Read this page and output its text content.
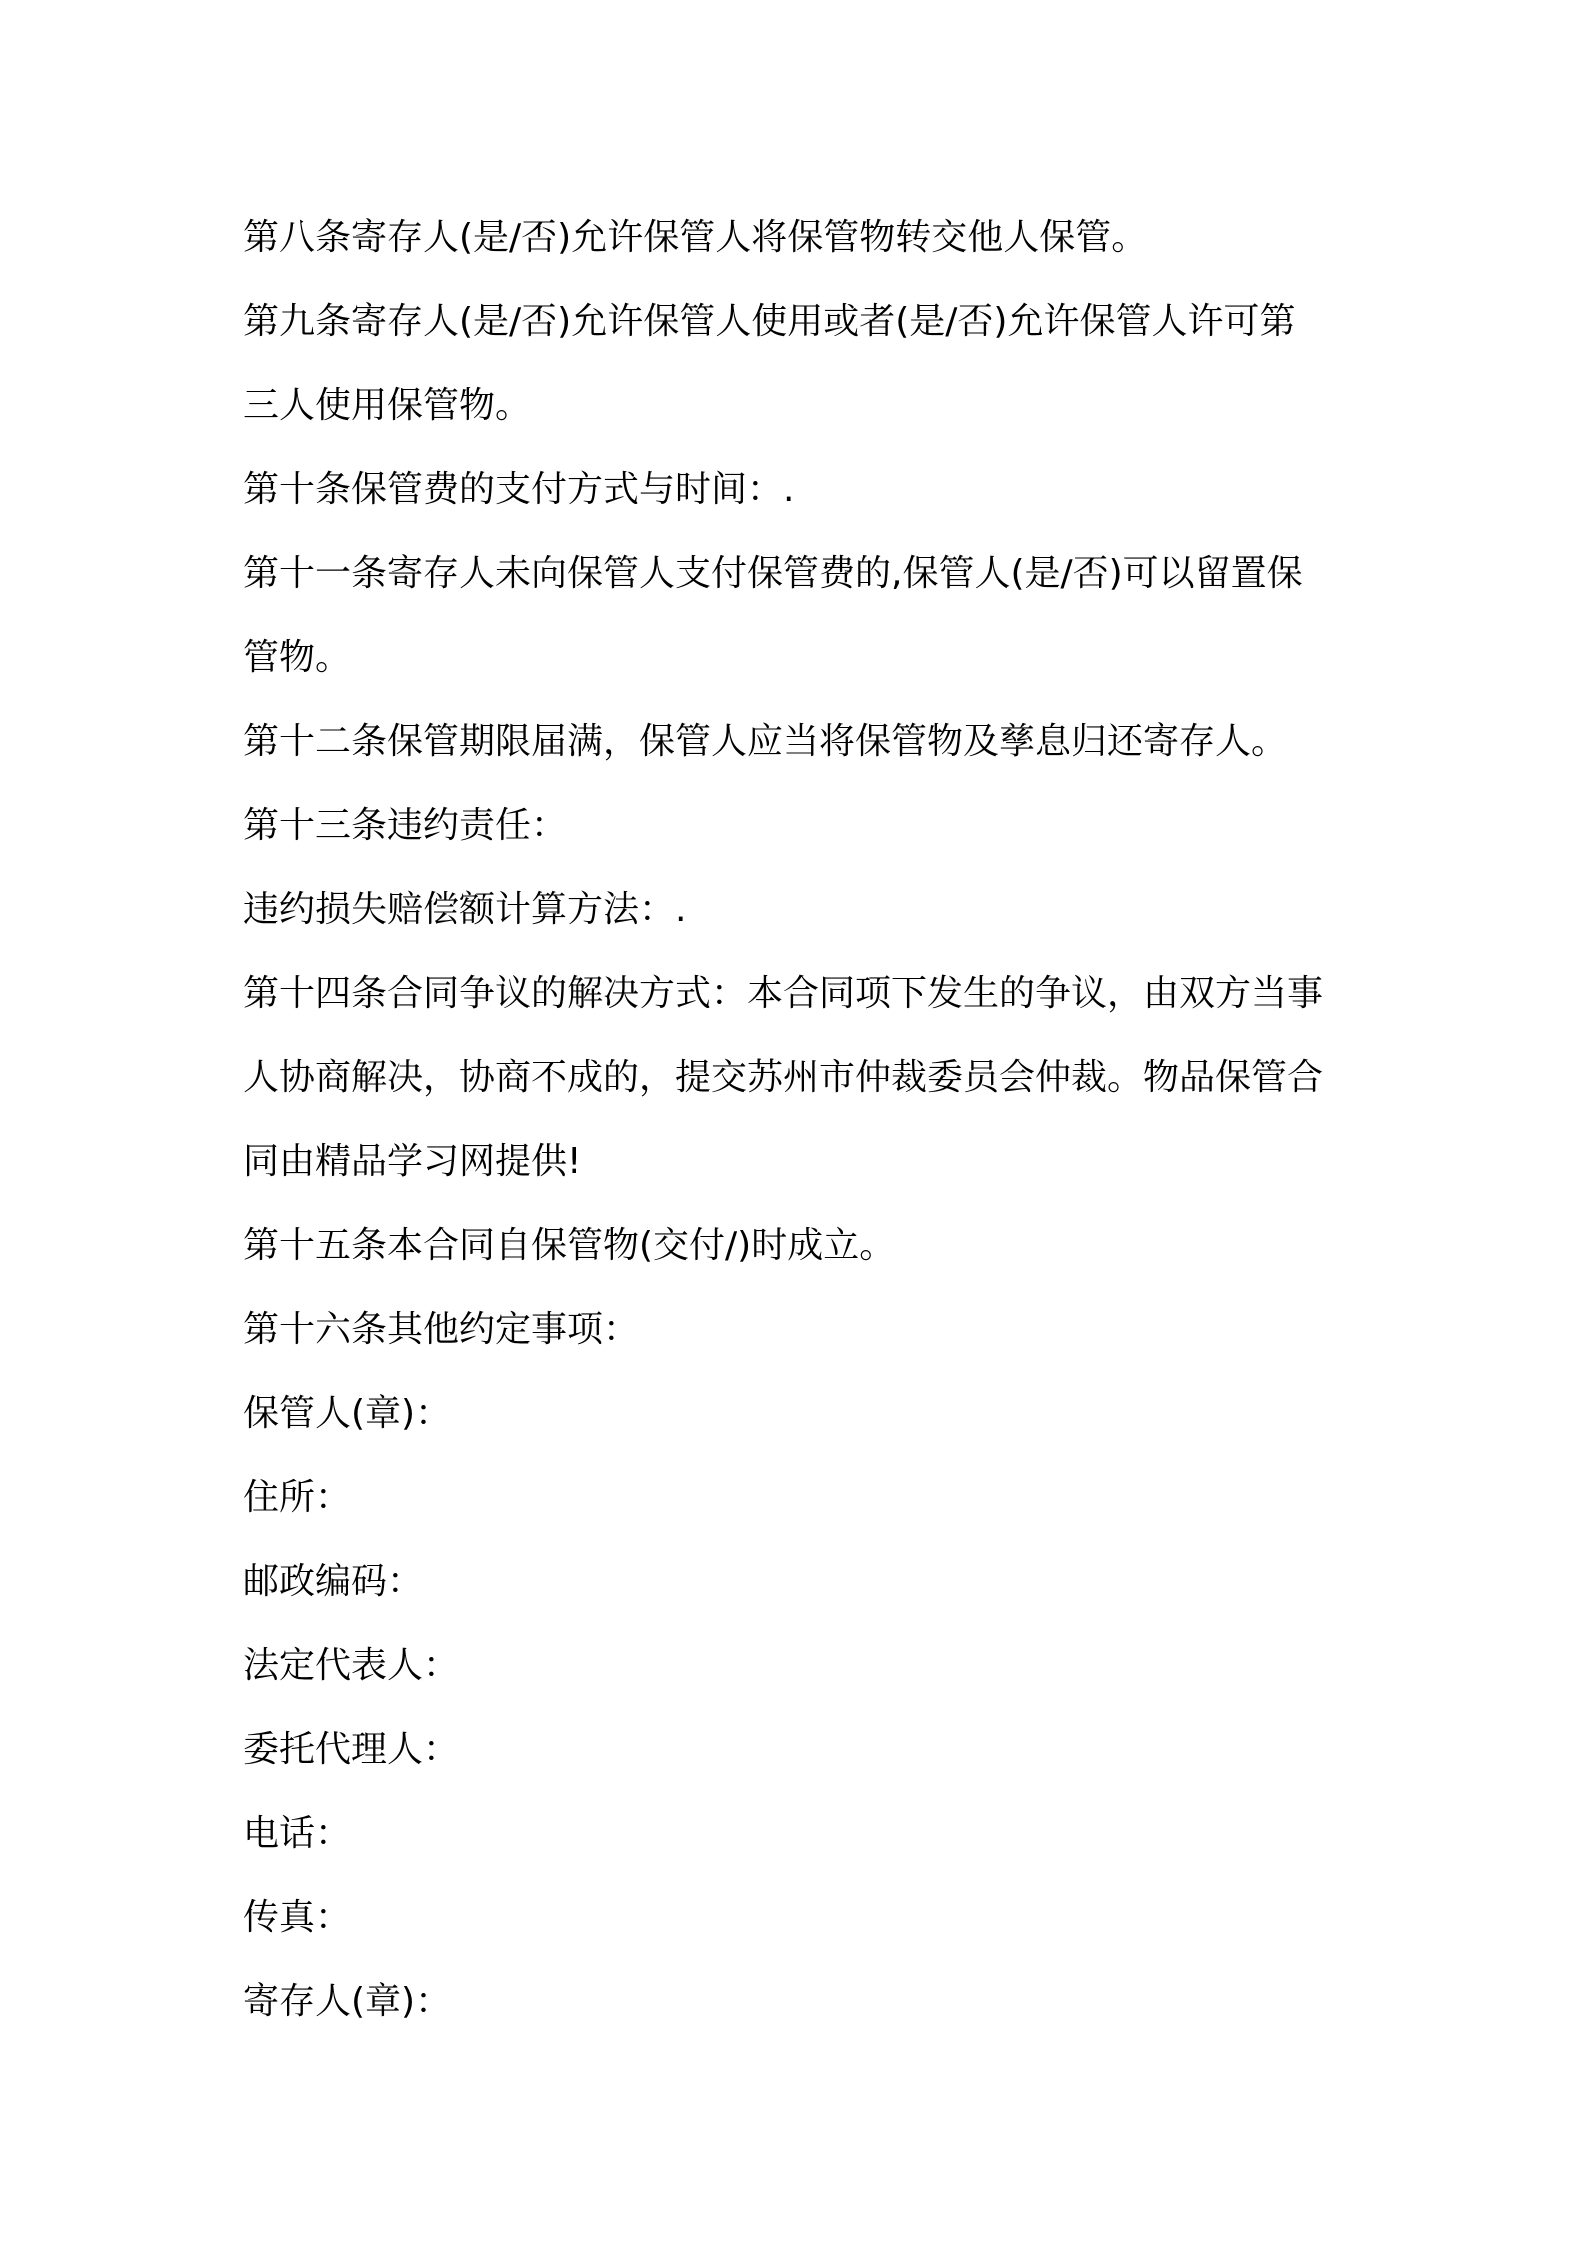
第八条寄存人(是/否)允许保管人将保管物转交他人保管。
第九条寄存人(是/否)允许保管人使用或者(是/否)允许保管人许可第
三人使用保管物。
第十条保管费的支付方式与时间：.
第十一条寄存人未向保管人支付保管费的,保管人(是/否)可以留置保
管物。
第十二条保管期限届满，保管人应当将保管物及孳息归还寄存人。
第十三条违约责任：
违约损失赔偿额计算方法：.
第十四条合同争议的解决方式：本合同项下发生的争议，由双方当事
人协商解决，协商不成的，提交苏州市仲裁委员会仲裁。物品保管合
同由精品学习网提供!
第十五条本合同自保管物(交付/)时成立。
第十六条其他约定事项：
保管人(章)：
住所：
邮政编码：
法定代表人：
委托代理人：
电话：
传真：
寄存人(章)：
